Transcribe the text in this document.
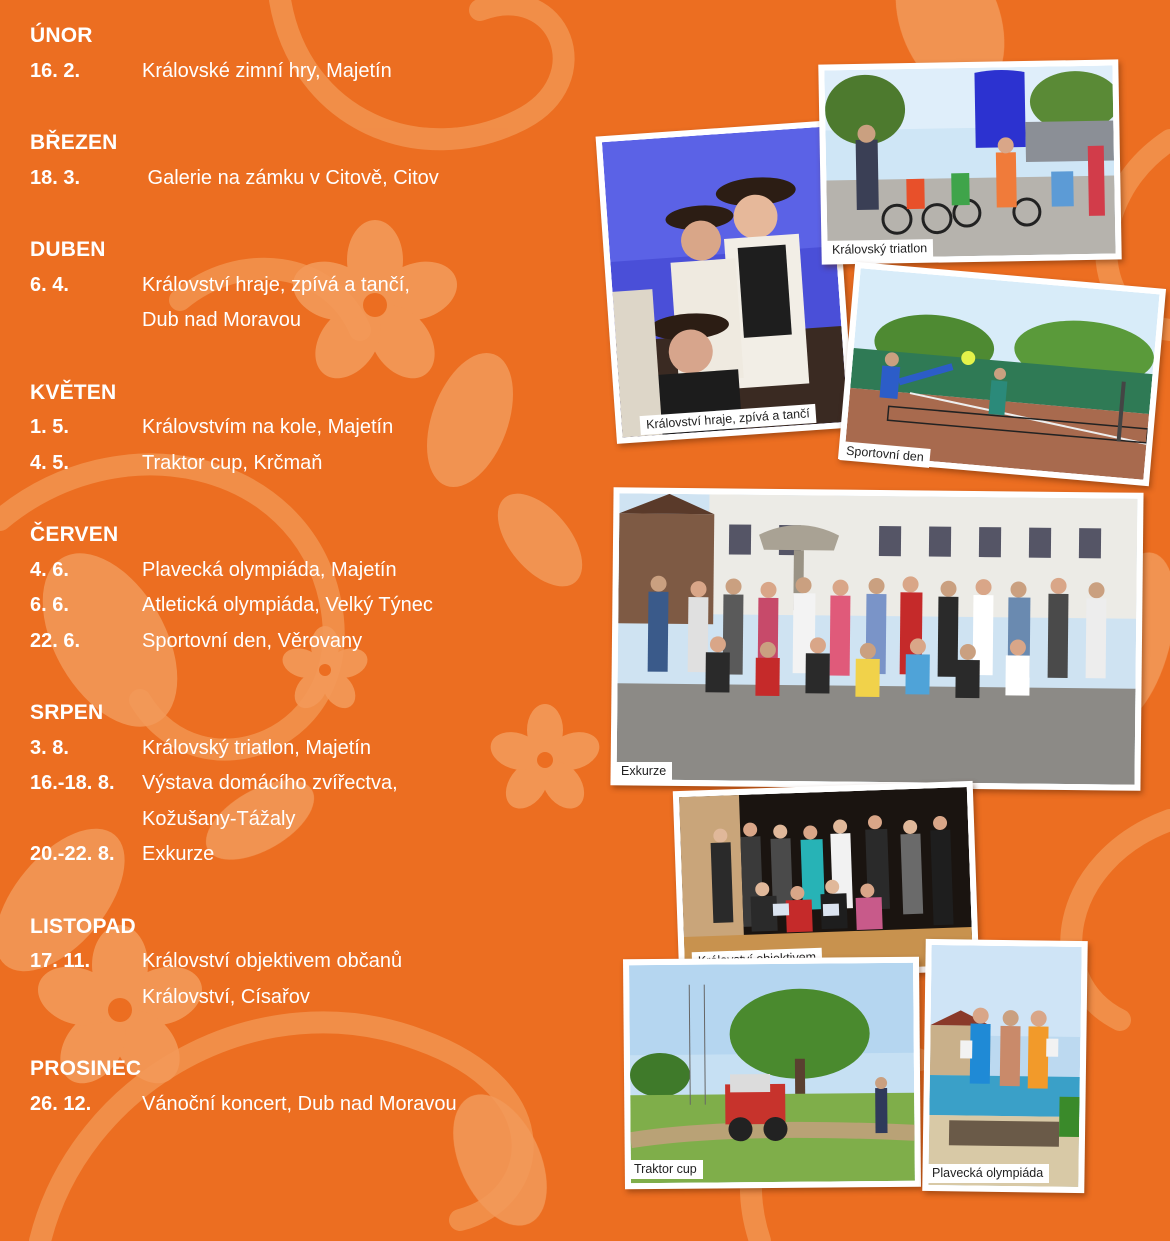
ÚNOR
16. 2.	Královské zimní hry, Majetín
BŘEZEN
18. 3.	Galerie na zámku v Citově, Citov
DUBEN
6. 4.	Království hraje, zpívá a tančí,
Dub nad Moravou
KVĚTEN
1. 5.	Královstvím na kole, Majetín
4. 5.	Traktor cup, Krčmaň
ČERVEN
4. 6.	Plavecká olympiáda, Majetín
6. 6.	Atletická olympiáda, Velký Týnec
22. 6.	Sportovní den, Věrovany
SRPEN
3. 8.	Královský triatlon, Majetín
16.-18. 8. Výstava domácího zvířectva,
Kožušany-Tážaly
20.-22. 8. Exkurze
LISTOPAD
17. 11.	Království objektivem občanů
Království, Císařov
PROSINEC
26. 12.	Vánoční koncert, Dub nad Moravou
Království hraje, zpívá a tančí
Královský triatlon
Sportovní den
Exkurze
Traktor cup	Plavecká olympiáda
